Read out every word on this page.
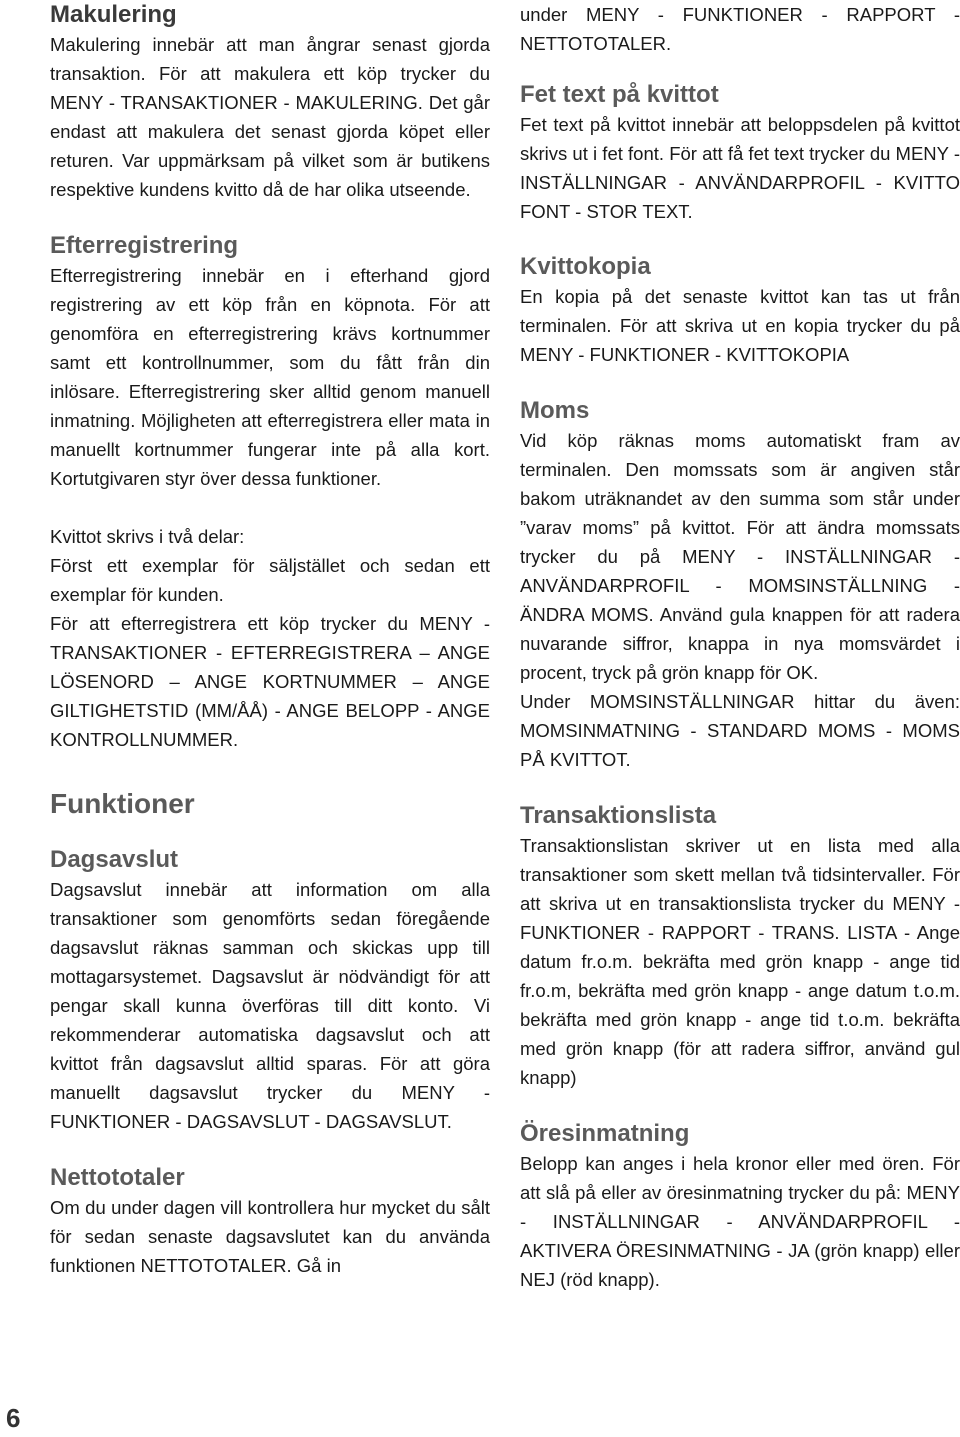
Makulering

Makulering innebär att man ångrar senast gjorda transaktion. För att makulera ett köp trycker du MENY - TRANSAKTIONER - MAKULERING. Det går endast att makulera det senast gjorda köpet eller returen. Var uppmärksam på vilket som är butikens respektive kundens kvitto då de har olika utseende.

Efterregistrering

Efterregistrering innebär en i efterhand gjord registrering av ett köp från en köpnota. För att genomföra en efterregistrering krävs kortnummer samt ett kontrollnummer, som du fått från din inlösare. Efterregistrering sker alltid genom manuell inmatning. Möjligheten att efterregistrera eller mata in manuellt kortnummer fungerar inte på alla kort. Kortutgivaren styr över dessa funktioner.

Kvittot skrivs i två delar:

Först ett exemplar för säljstället och sedan ett exemplar för kunden.

För att efterregistrera ett köp trycker du MENY - TRANSAKTIONER - EFTERREGISTRERA – ANGE LÖSENORD – ANGE KORTNUMMER – ANGE GILTIGHETSTID (MM/ÅÅ) - ANGE BELOPP - ANGE KONTROLLNUMMER.

Funktioner
Dagsavslut

Dagsavslut innebär att information om alla transaktioner som genomförts sedan föregående dagsavslut räknas samman och skickas upp till mottagarsystemet. Dagsavslut är nödvändigt för att pengar skall kunna överföras till ditt konto. Vi rekommenderar automatiska dagsavslut och att kvittot från dagsavslut alltid sparas. För att göra manuellt dagsavslut trycker du MENY - FUNKTIONER - DAGSAVSLUT - DAGSAVSLUT.

Nettototaler

Om du under dagen vill kontrollera hur mycket du sålt för sedan senaste dagsavslutet kan du använda funktionen NETTOTOTALER. Gå in

under MENY - FUNKTIONER - RAPPORT - NETTOTOTALER.

Fet text på kvittot

Fet text på kvittot innebär att beloppsdelen på kvittot skrivs ut i fet font. För att få fet text trycker du MENY - INSTÄLLNINGAR - ANVÄNDARPROFIL - KVITTO FONT - STOR TEXT.

Kvittokopia

En kopia på det senaste kvittot kan tas ut från terminalen. För att skriva ut en kopia trycker du på MENY - FUNKTIONER - KVITTOKOPIA

Moms

Vid köp räknas moms automatiskt fram av terminalen. Den momssats som är angiven står bakom uträknandet av den summa som står under ”varav moms” på kvittot. För att ändra momssats trycker du på MENY - INSTÄLLNINGAR - ANVÄNDARPROFIL - MOMSINSTÄLLNING - ÄNDRA MOMS. Använd gula knappen för att radera nuvarande siffror, knappa in nya momsvärdet i procent, tryck på grön knapp för OK.

Under MOMSINSTÄLLNINGAR hittar du även: MOMSINMATNING - STANDARD MOMS - MOMS PÅ KVITTOT.

Transaktionslista

Transaktionslistan skriver ut en lista med alla transaktioner som skett mellan två tidsintervaller. För att skriva ut en transaktionslista trycker du MENY - FUNKTIONER - RAPPORT - TRANS. LISTA - Ange datum fr.o.m. bekräfta med grön knapp - ange tid fr.o.m, bekräfta med grön knapp - ange datum t.o.m. bekräfta med grön knapp - ange tid t.o.m. bekräfta med grön knapp (för att radera siffror, använd gul knapp)

Öresinmatning

Belopp kan anges i hela kronor eller med ören. För att slå på eller av öresinmatning trycker du på: MENY - INSTÄLLNINGAR - ANVÄNDARPROFIL - AKTIVERA ÖRESINMATNING - JA (grön knapp) eller NEJ (röd knapp).

6
